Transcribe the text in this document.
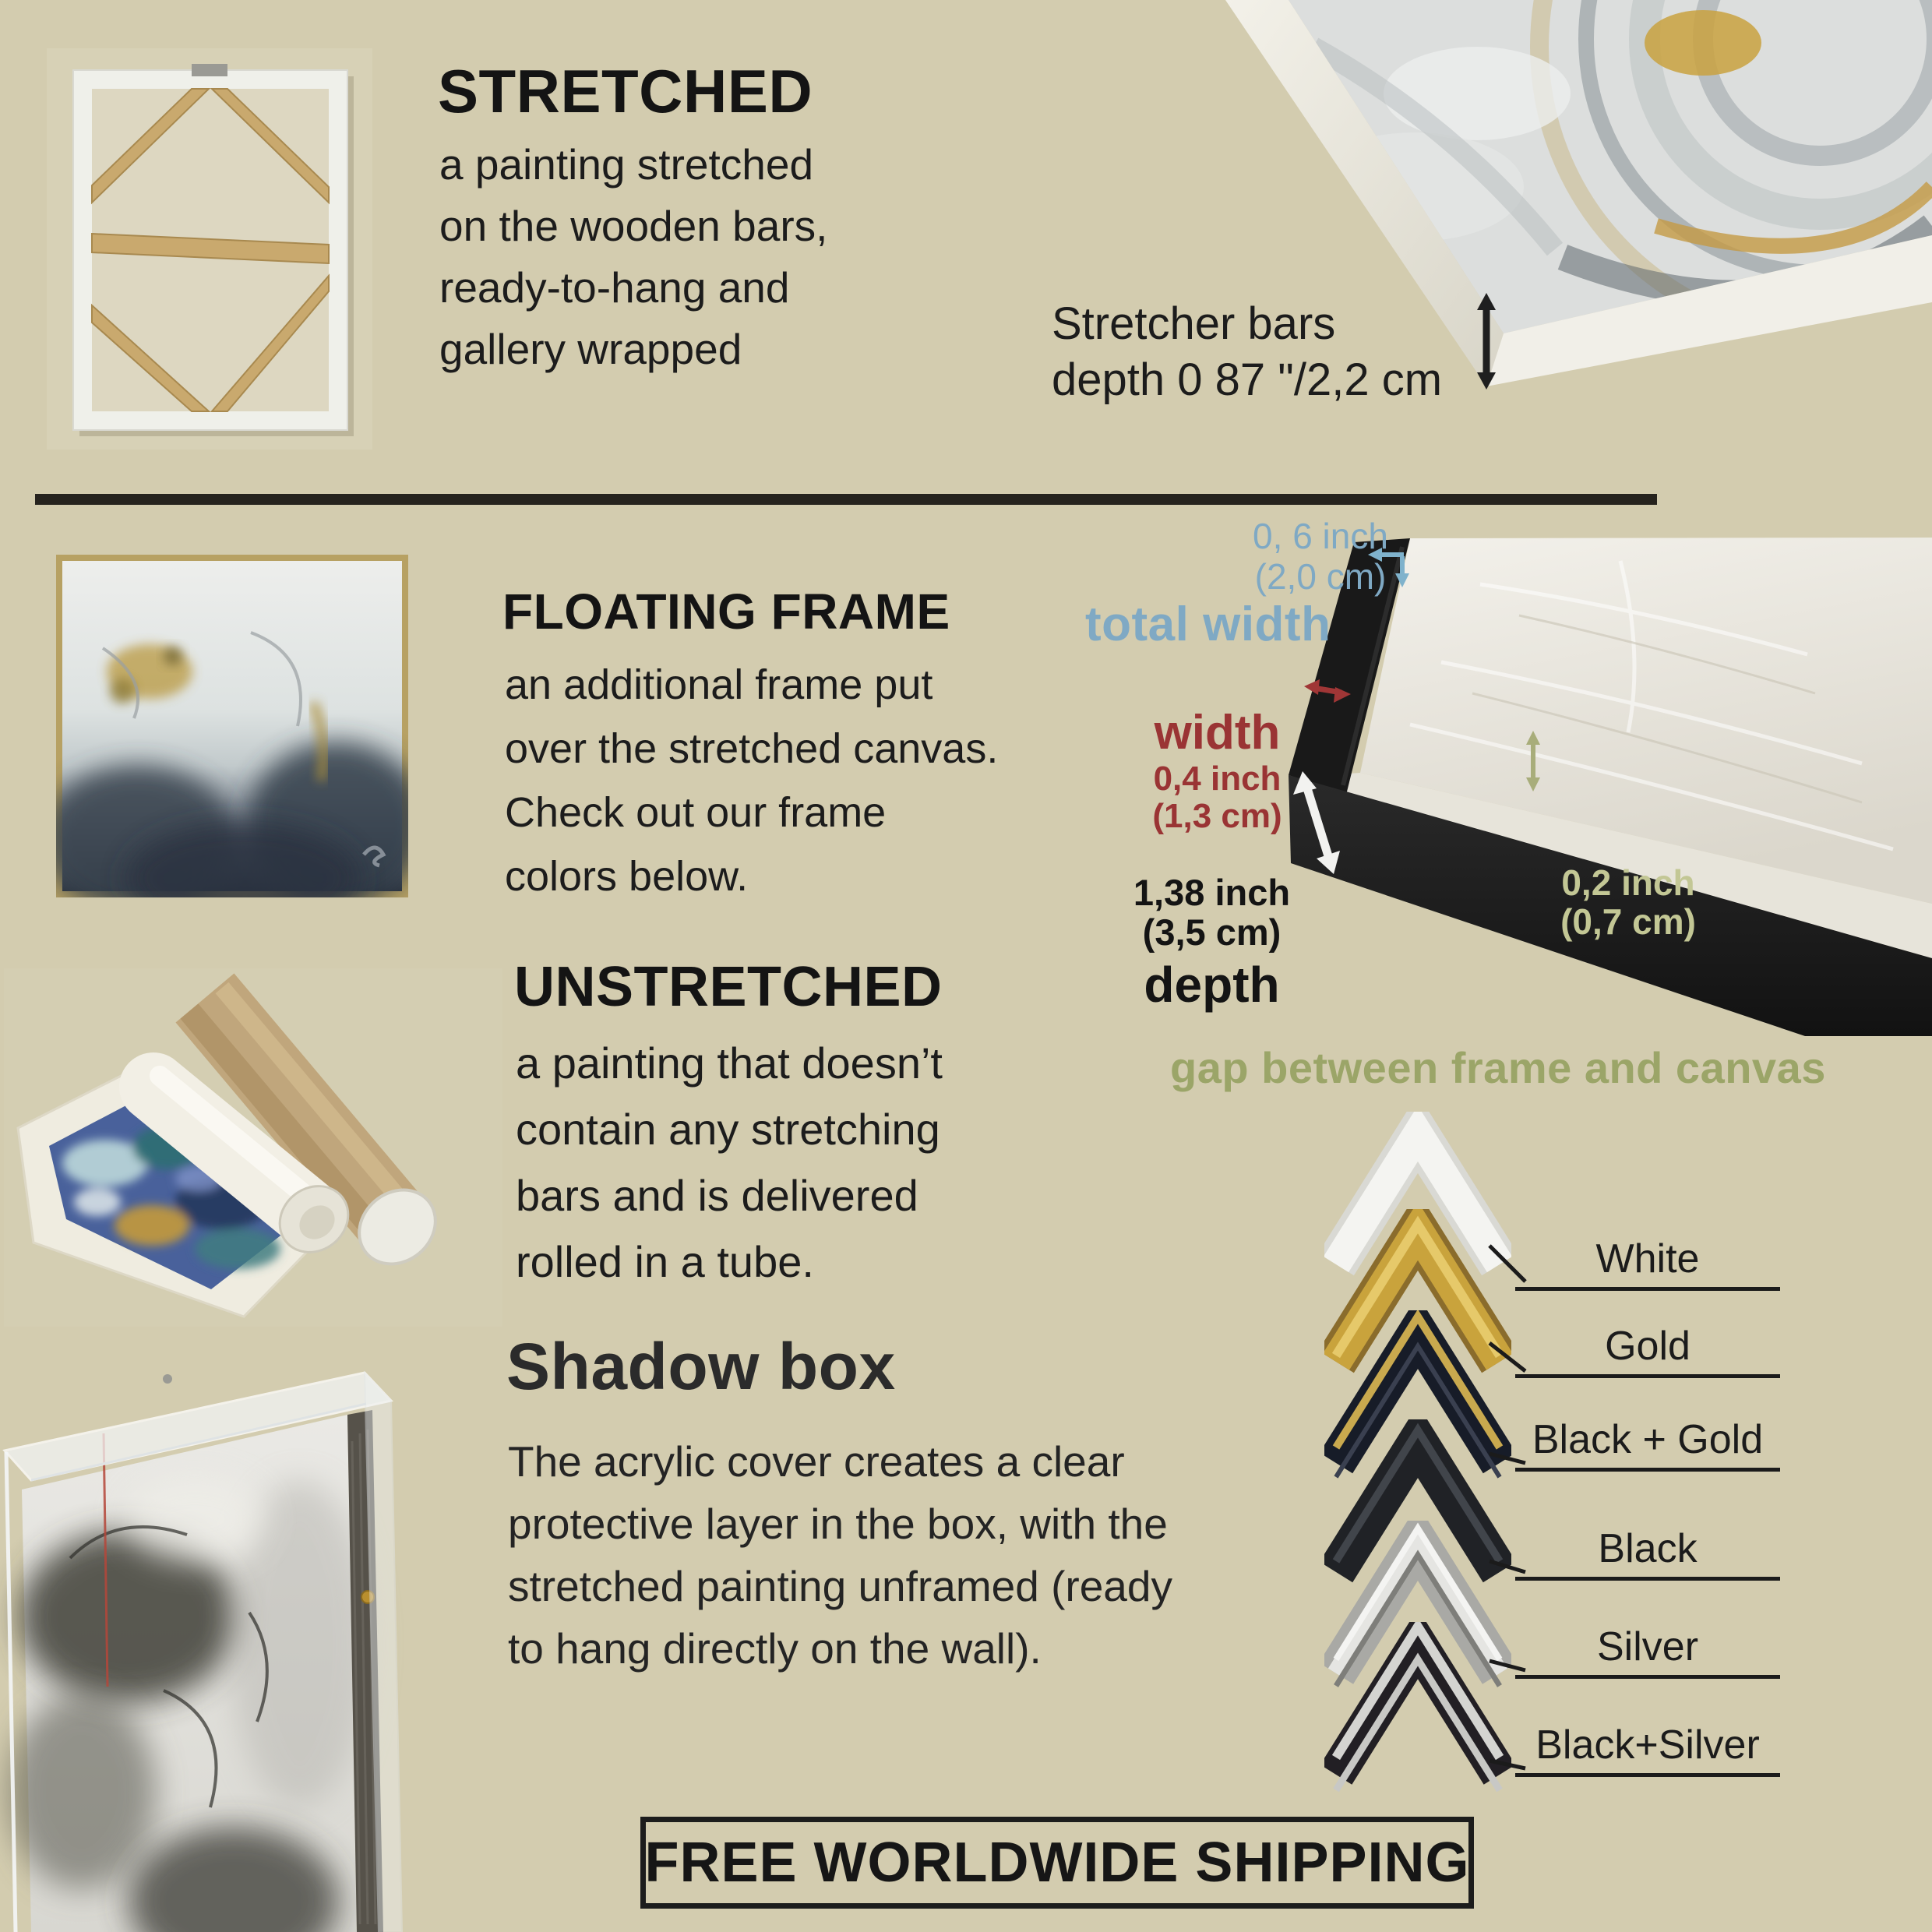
STRETCHED
a painting stretched
on the wooden bars,
ready-to-hang and
gallery wrapped	Stretcher bars
depth 0 87 "/2,2 cm
FLOATING FRAME
an additional frame put
over the stretched canvas.
Check out our frame
colors below.	0,2 inch
(0,7 cm)
0, 6 inch
(2,0 cm)
total width
width
0,4 inch
(1,3 cm)
1,38 inch
(3,5 cm)
depth
gap between frame and canvas
UNSTRETCHED
a painting that doesn’t
contain any stretching
bars and is delivered
rolled in a tube.
Shadow box
The acrylic cover creates a clear
protective layer in the box, with the
stretched painting unframed (ready
to hang directly on the wall).
White
Gold
Black + Gold
Black
Silver
Black+Silver
FREE WORLDWIDE SHIPPING
